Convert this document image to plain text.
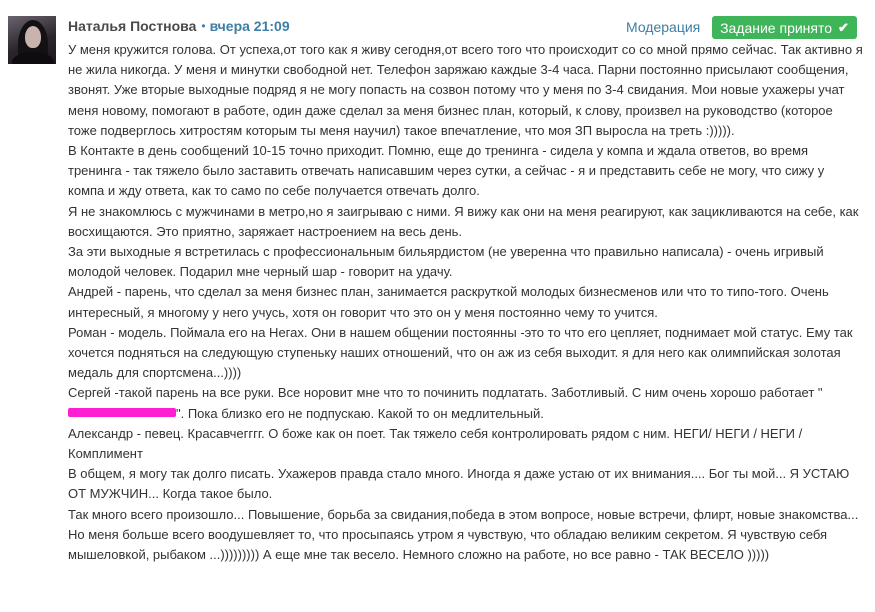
Наталья Постнова • вчера 21:09	Модерация Задание принято ✔

У меня кружится голова. От успеха,от того как я живу сегодня,от всего того что происходит со со мной прямо сейчас. Так активно я не жила никогда. У меня и минутки свободной нет. Телефон заряжаю каждые 3-4 часа. Парни постоянно присылают сообщения, звонят. Уже вторые выходные подряд я не могу попасть на созвон потому что у меня по 3-4 свидания. Мои новые ухажеры учат меня новому, помогают в работе, один даже сделал за меня бизнес план, который, к слову, произвел на руководство (которое тоже подверглось хитростям которым ты меня научил) такое впечатление, что моя ЗП выросла на треть :))))).

В Контакте в день сообщений 10-15 точно приходит. Помню, еще до тренинга - сидела у компа и ждала ответов, во время тренинга - так тяжело было заставить отвечать написавшим через сутки, а сейчас - я и представить себе не могу, что сижу у компа и жду ответа, как то само по себе получается отвечать долго.

Я не знакомлюсь с мужчинами в метро,но я заигрываю с ними. Я вижу как они на меня реагируют, как зацикливаются на себе, как восхищаются. Это приятно, заряжает настроением на весь день.

За эти выходные я встретилась с профессиональным бильярдистом (не уверенна что правильно написала) - очень игривый молодой человек. Подарил мне черный шар - говорит на удачу.

Андрей - парень, что сделал за меня бизнес план, занимается раскруткой молодых бизнесменов или что то типо-того. Очень интересный, я многому у него учусь, хотя он говорит что это он у меня постоянно чему то учится.

Роман - модель. Поймала его на Негах. Они в нашем общении постоянны -это то что его цепляет, поднимает мой статус. Ему так хочется подняться на следующую ступеньку наших отношений, что он аж из себя выходит. я для него как олимпийская золотая медаль для спортсмена...))))

Сергей -такой парень на все руки. Все норовит мне что то починить подлатать. Заботливый. С ним очень хорошо работает "". Пока близко его не подпускаю. Какой то он медлительный.

Александр - певец. Красавчегггг. О боже как он поет. Так тяжело себя контролировать рядом с ним. НЕГИ/ НЕГИ / НЕГИ / Комплимент

В общем, я могу так долго писать. Ухажеров правда стало много. Иногда я даже устаю от их внимания.... Бог ты мой... Я УСТАЮ ОТ МУЖЧИН... Когда такое было.

Так много всего произошло... Повышение, борьба за свидания,победа в этом вопросе, новые встречи, флирт, новые знакомства...

Но меня больше всего воодушевляет то, что просыпаясь утром я чувствую, что обладаю великим секретом. Я чувствую себя мышеловкой, рыбаком ...))))))))) А еще мне так весело. Немного сложно на работе, но все равно - ТАК ВЕСЕЛО )))))
